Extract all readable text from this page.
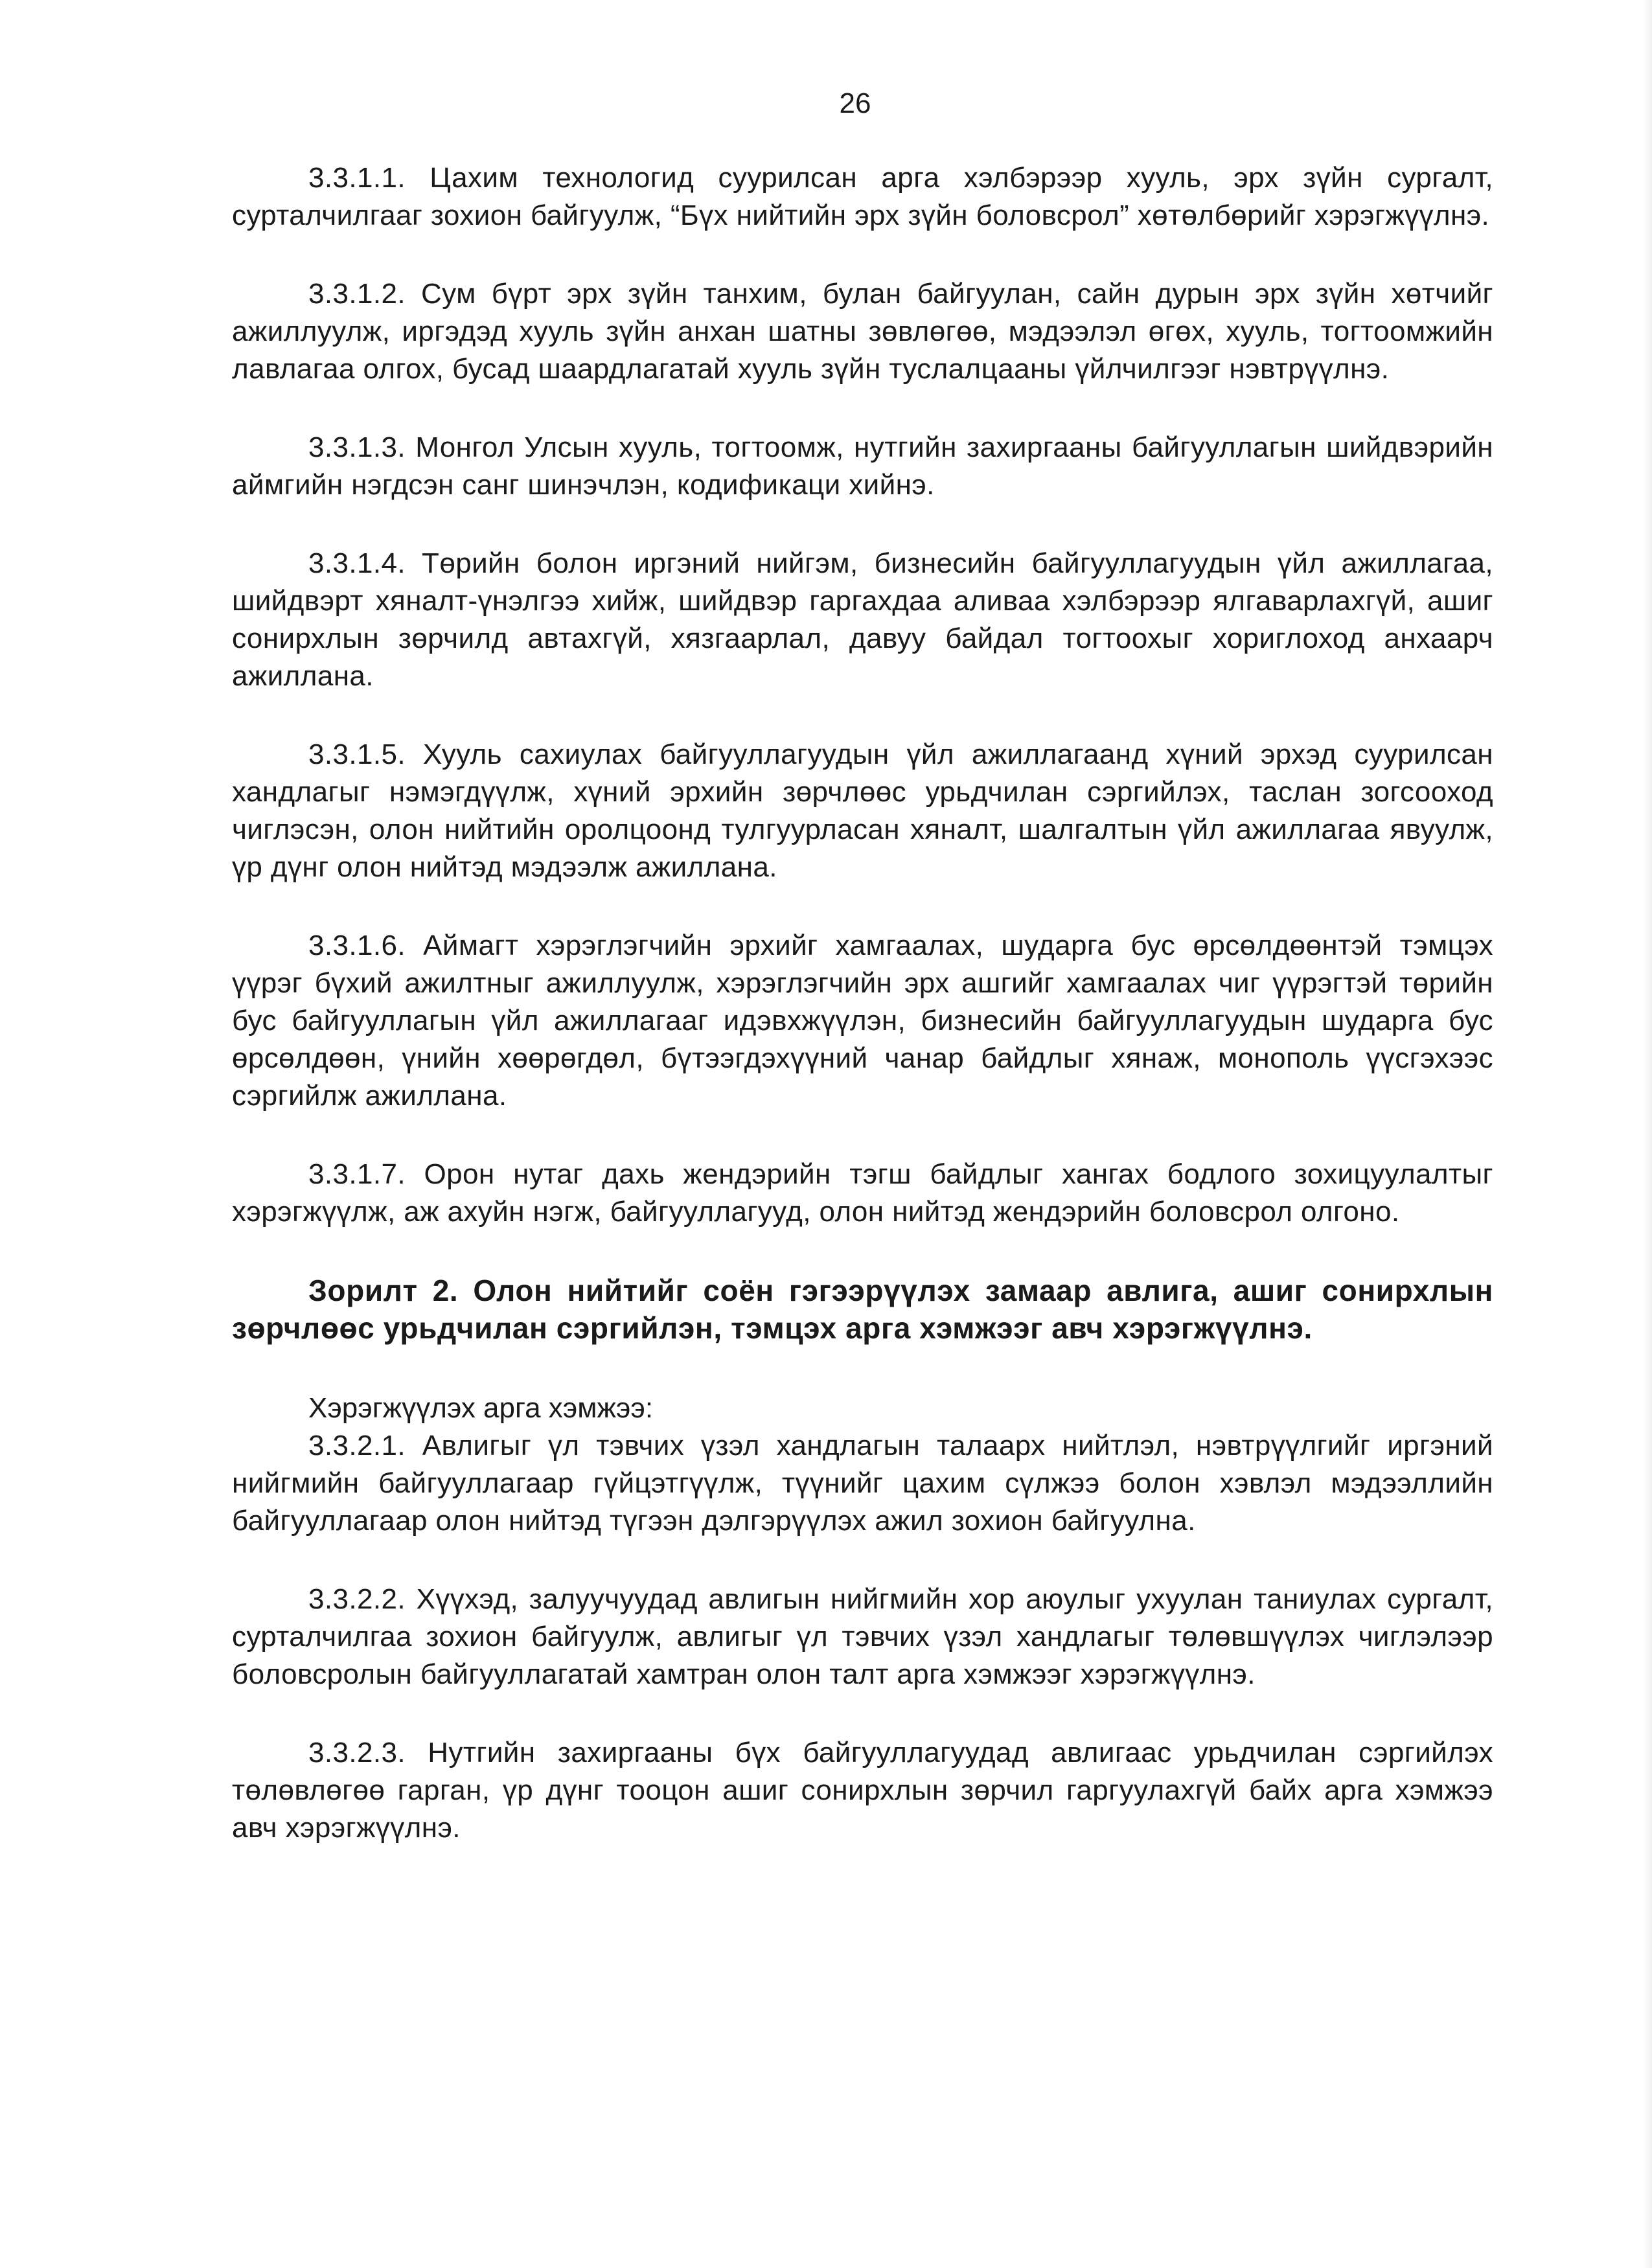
26

3.3.1.1. Цахим технологид суурилсан арга хэлбэрээр хууль, эрх зүйн сургалт, сурталчилгааг зохион байгуулж, “Бүх нийтийн эрх зүйн боловсрол” хөтөлбөрийг хэрэгжүүлнэ.

3.3.1.2. Сум бүрт эрх зүйн танхим, булан байгуулан, сайн дурын эрх зүйн хөтчийг ажиллуулж, иргэдэд хууль зүйн анхан шатны зөвлөгөө, мэдээлэл өгөх, хууль, тогтоомжийн лавлагаа олгох, бусад шаардлагатай хууль зүйн туслалцааны үйлчилгээг нэвтрүүлнэ.

3.3.1.3. Монгол Улсын хууль, тогтоомж, нутгийн захиргааны байгууллагын шийдвэрийн аймгийн нэгдсэн санг шинэчлэн, кодификаци хийнэ.

3.3.1.4. Төрийн болон иргэний нийгэм, бизнесийн байгууллагуудын үйл ажиллагаа, шийдвэрт хяналт-үнэлгээ хийж, шийдвэр гаргахдаа аливаа хэлбэрээр ялгаварлахгүй, ашиг сонирхлын зөрчилд автахгүй, хязгаарлал, давуу байдал тогтоохыг хориглоход анхаарч ажиллана.

3.3.1.5. Хууль сахиулах байгууллагуудын үйл ажиллагаанд хүний эрхэд суурилсан хандлагыг нэмэгдүүлж, хүний эрхийн зөрчлөөс урьдчилан сэргийлэх, таслан зогсооход чиглэсэн, олон нийтийн оролцоонд тулгуурласан хяналт, шалгалтын үйл ажиллагаа явуулж, үр дүнг олон нийтэд мэдээлж ажиллана.

3.3.1.6. Аймагт хэрэглэгчийн эрхийг хамгаалах, шударга бус өрсөлдөөнтэй тэмцэх үүрэг бүхий ажилтныг ажиллуулж, хэрэглэгчийн эрх ашгийг хамгаалах чиг үүрэгтэй төрийн бус байгууллагын үйл ажиллагааг идэвхжүүлэн, бизнесийн байгууллагуудын шударга бус өрсөлдөөн, үнийн хөөрөгдөл, бүтээгдэхүүний чанар байдлыг хянаж, монополь үүсгэхээс сэргийлж ажиллана.

3.3.1.7. Орон нутаг дахь жендэрийн тэгш байдлыг хангах бодлого зохицуулалтыг хэрэгжүүлж, аж ахуйн нэгж, байгууллагууд, олон нийтэд жендэрийн боловсрол олгоно.

Зорилт 2. Олон нийтийг соён гэгээрүүлэх замаар авлига, ашиг сонирхлын зөрчлөөс урьдчилан сэргийлэн, тэмцэх арга хэмжээг авч хэрэгжүүлнэ.

Хэрэгжүүлэх арга хэмжээ:

3.3.2.1. Авлигыг үл тэвчих үзэл хандлагын талаарх нийтлэл, нэвтрүүлгийг иргэний нийгмийн байгууллагаар гүйцэтгүүлж, түүнийг цахим сүлжээ болон хэвлэл мэдээллийн байгууллагаар олон нийтэд түгээн дэлгэрүүлэх ажил зохион байгуулна.

3.3.2.2. Хүүхэд, залуучуудад авлигын нийгмийн хор аюулыг ухуулан таниулах сургалт, сурталчилгаа зохион байгуулж, авлигыг үл тэвчих үзэл хандлагыг төлөвшүүлэх чиглэлээр боловсролын байгууллагатай хамтран олон талт арга хэмжээг хэрэгжүүлнэ.

3.3.2.3. Нутгийн захиргааны бүх байгууллагуудад авлигаас урьдчилан сэргийлэх төлөвлөгөө гарган, үр дүнг тооцон ашиг сонирхлын зөрчил гаргуулахгүй байх арга хэмжээ авч хэрэгжүүлнэ.
